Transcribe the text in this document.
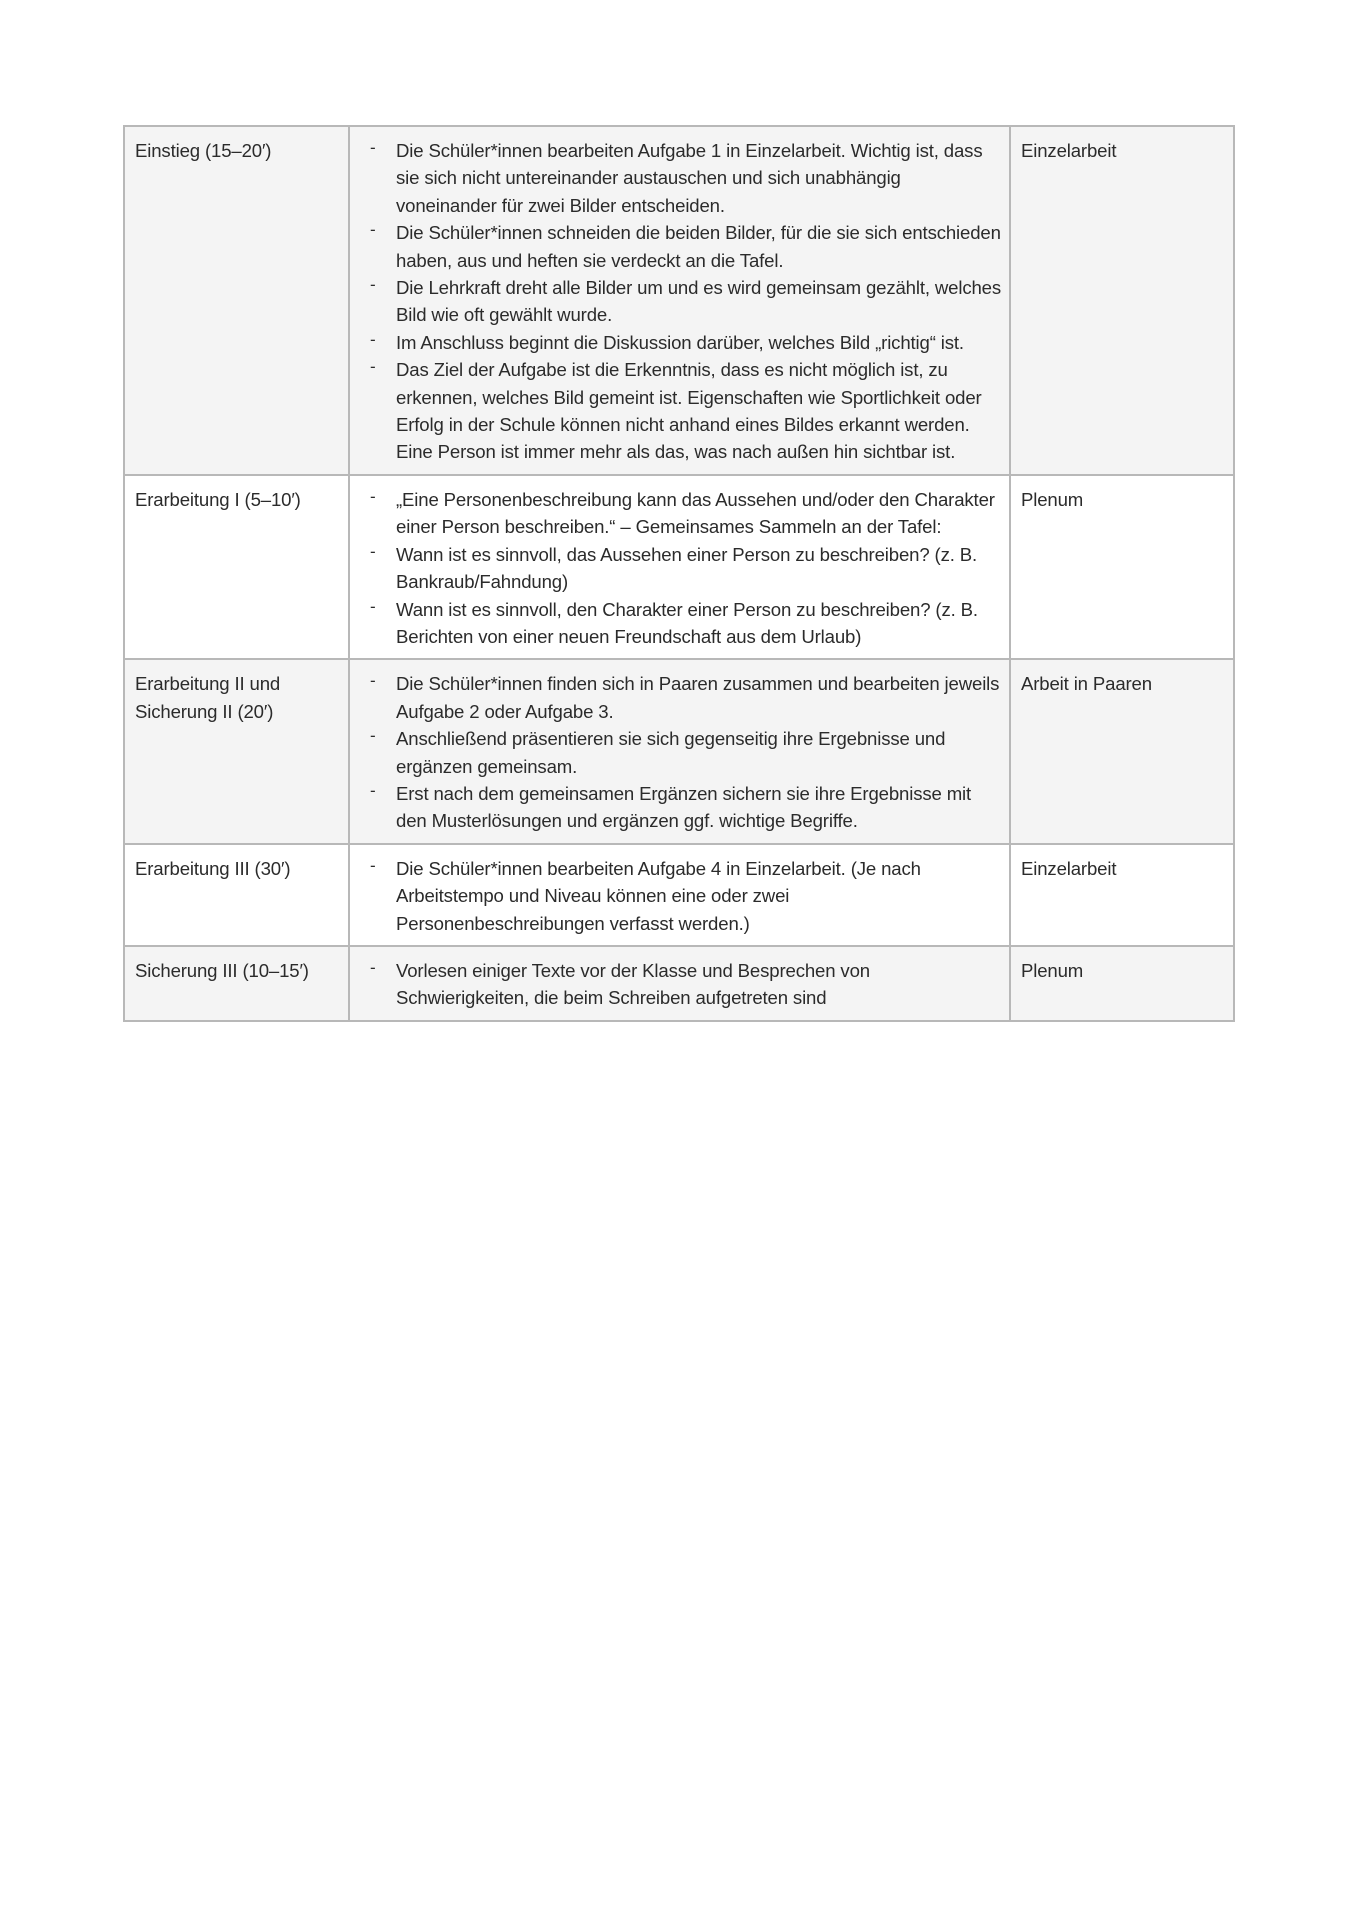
Einstieg (15–20′)	- Die Schüler*innen bearbeiten Aufgabe 1 in Einzelarbeit. Wichtig ist, dass sie sich nicht untereinander austauschen und sich unabhängig voneinander für zwei Bilder entscheiden.
- Die Schüler*innen schneiden die beiden Bilder, für die sie sich entschieden haben, aus und heften sie verdeckt an die Tafel.
- Die Lehrkraft dreht alle Bilder um und es wird gemeinsam gezählt, welches Bild wie oft gewählt wurde.
- Im Anschluss beginnt die Diskussion darüber, welches Bild „richtig“ ist.
- Das Ziel der Aufgabe ist die Erkenntnis, dass es nicht möglich ist, zu erkennen, welches Bild gemeint ist. Eigenschaften wie Sportlichkeit oder Erfolg in der Schule können nicht anhand eines Bildes erkannt werden. Eine Person ist immer mehr als das, was nach außen hin sichtbar ist.
	Einzelarbeit
Erarbeitung I (5–10′)	- „Eine Personenbeschreibung kann das Aussehen und/oder den Charakter einer Person beschreiben.“ – Gemeinsames Sammeln an der Tafel:
- Wann ist es sinnvoll, das Aussehen einer Person zu beschreiben? (z. B. Bankraub/Fahndung)
- Wann ist es sinnvoll, den Charakter einer Person zu beschreiben? (z. B. Berichten von einer neuen Freundschaft aus dem Urlaub)
	Plenum
Erarbeitung II und Sicherung II (20′)	
- Die Schüler*innen finden sich in Paaren zusammen und bearbeiten jeweils Aufgabe 2 oder Aufgabe 3.
- Anschließend präsentieren sie sich gegenseitig ihre Ergebnisse und ergänzen gemeinsam.
- Erst nach dem gemeinsamen Ergänzen sichern sie ihre Ergebnisse mit den Musterlösungen und ergänzen ggf. wichtige Begriffe.
	Arbeit in Paaren
Erarbeitung III (30′)	- Die Schüler*innen bearbeiten Aufgabe 4 in Einzelarbeit. (Je nach Arbeitstempo und Niveau können eine oder zwei Personenbeschreibungen verfasst werden.)
	Einzelarbeit
Sicherung III (10–15′)	- Vorlesen einiger Texte vor der Klasse und Besprechen von Schwierigkeiten, die beim Schreiben aufgetreten sind
	Plenum
